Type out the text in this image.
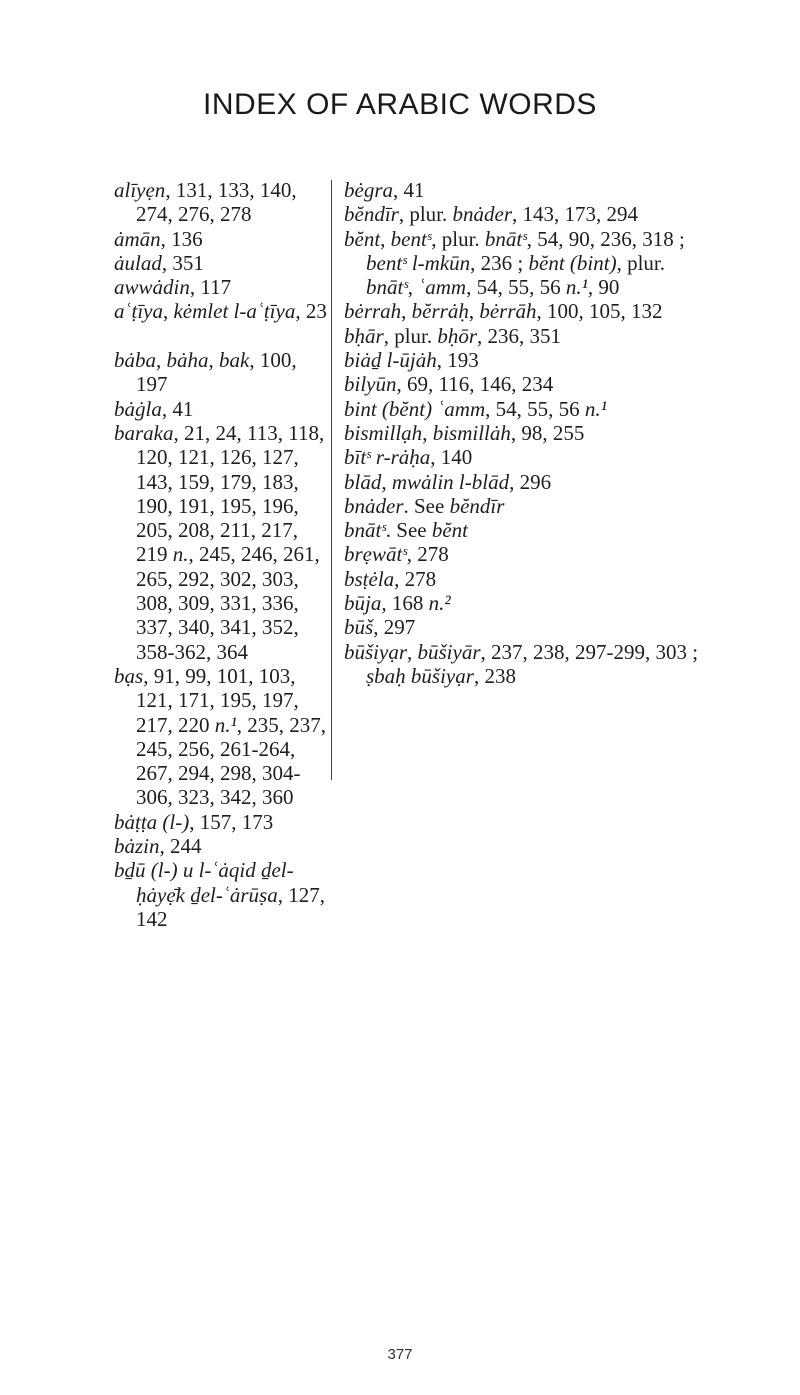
INDEX OF ARABIC WORDS
alīyẹn, 131, 133, 140, 274, 276, 278
ȧmān, 136
ȧulad, 351
awwȧdin, 117
aʿṭīya, kėmlet l-aʿṭīya, 23
bȧba, bȧha, bak, 100, 197
bȧġla, 41
baraka, 21, 24, 113, 118, 120, 121, 126, 127, 143, 159, 179, 183, 190, 191, 195, 196, 205, 208, 211, 217, 219 n., 245, 246, 261, 265, 292, 302, 303, 308, 309, 331, 336, 337, 340, 341, 352, 358-362, 364
bạs, 91, 99, 101, 103, 121, 171, 195, 197, 217, 220 n.¹, 235, 237, 245, 256, 261-264, 267, 294, 298, 304-306, 323, 342, 360
bȧṭṭa (l-), 157, 173
bȧzin, 244
bḏū (l-) u l-ʿȧqid ḏel-ḥȧyẹ̄k ḏel-ʿȧrūṣa, 127, 142
bėgra, 41
bĕndīr, plur. bnȧder, 143, 173, 294
bĕnt, bentˢ, plur. bnātˢ, 54, 90, 236, 318 ; bentˢ l-mkūn, 236 ; bĕnt (bint), plur. bnātˢ, ʿamm, 54, 55, 56 n.¹, 90
bėrrah, bĕrrȧḥ, bėrrāh, 100, 105, 132
bḥār, plur. bḥōr, 236, 351
biȧḏ l-ūjȧh, 193
bilyūn, 69, 116, 146, 234
bint (bĕnt) ʿamm, 54, 55, 56 n.¹
bismillạh, bismillȧh, 98, 255
bītˢ r-rȧḥa, 140
blād, mwȧlin l-blād, 296
bnȧder. See bĕndīr
bnātˢ. See bĕnt
brẹwātˢ, 278
bsṭėla, 278
būja, 168 n.²
būš, 297
būšiyạr, būšiyār, 237, 238, 297-299, 303 ; ṣbaḥ būšiyạr, 238
377
